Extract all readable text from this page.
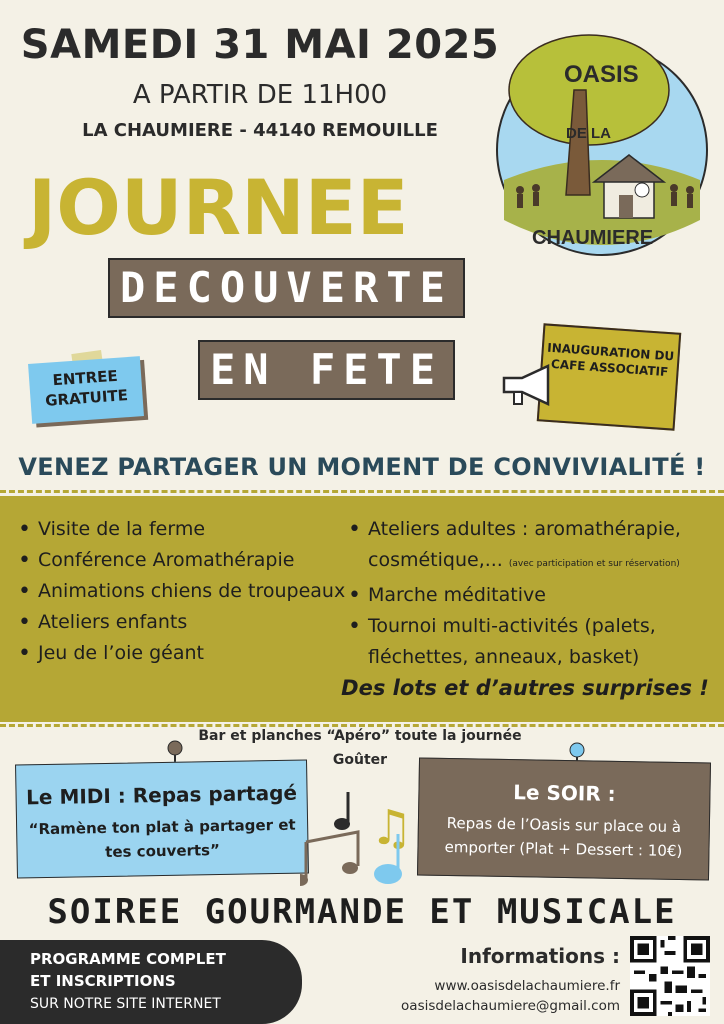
SAMEDI 31 MAI 2025
A PARTIR DE 11H00
LA CHAUMIERE - 44140 REMOUILLE
OASIS
DE LA
CHAUMIERE
JOURNEE
DECOUVERTE
EN FETE
ENTREE GRATUITE
INAUGURATION DU CAFE ASSOCIATIF
VENEZ PARTAGER UN MOMENT DE CONVIVIALITÉ !
• Visite de la ferme
• Conférence Aromathérapie
• Animations chiens de troupeaux
• Ateliers enfants
• Jeu de l’oie géant
• Ateliers adultes : aromathérapie, cosmétique,... (avec participation et sur réservation)
• Marche méditative
• Tournoi multi-activités (palets, fléchettes, anneaux, basket)
Des lots et d’autres surprises !
Bar et planches “Apéro” toute la journée
Goûter
Le MIDI : Repas partagé
“Ramène ton plat à partager et tes couverts”
Le SOIR :
Repas de l’Oasis sur place ou à emporter (Plat + Dessert : 10€)
♫
SOIREE GOURMANDE ET MUSICALE
PROGRAMME COMPLET
ET INSCRIPTIONS
SUR NOTRE SITE INTERNET
Informations :
www.oasisdelachaumiere.fr
oasisdelachaumiere@gmail.com
